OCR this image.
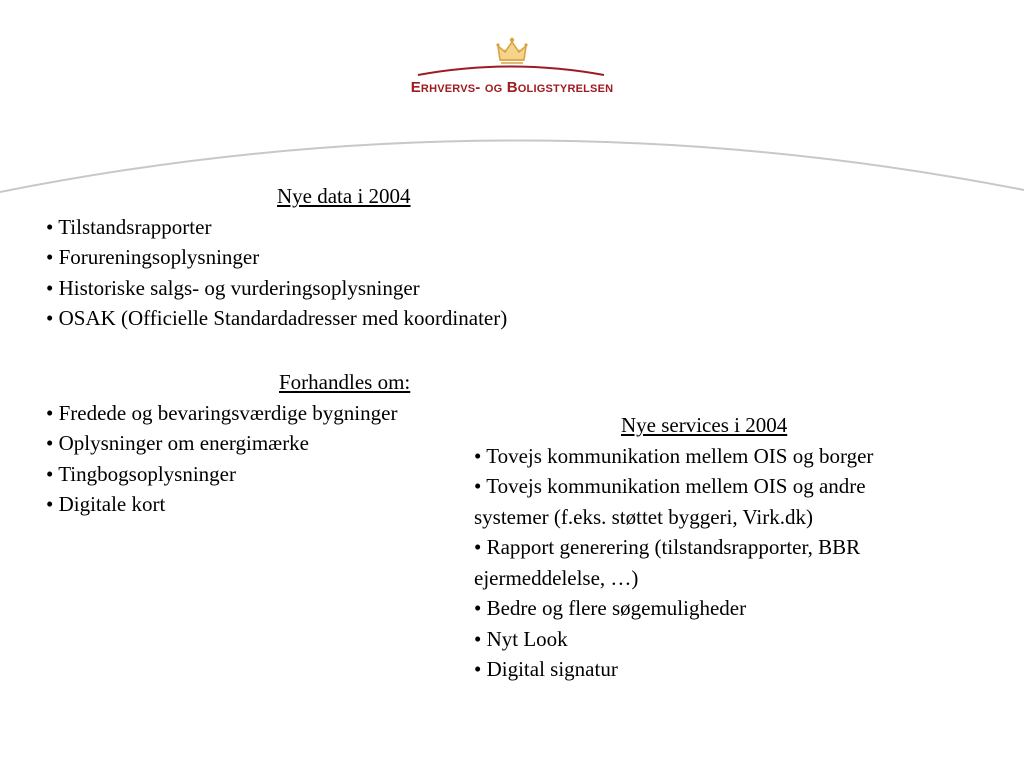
Erhvervs- og Boligstyrelsen
Nye data i 2004
• Tilstandsrapporter
• Forureningsoplysninger
• Historiske salgs- og vurderingsoplysninger
• OSAK (Officielle Standardadresser med koordinater)
Forhandles om:
• Fredede og bevaringsværdige bygninger
• Oplysninger om energimærke
• Tingbogsoplysninger
• Digitale kort
Nye services i 2004
• Tovejs kommunikation mellem OIS og borger
• Tovejs kommunikation mellem OIS og andre
systemer (f.eks. støttet byggeri, Virk.dk)
• Rapport generering (tilstandsrapporter, BBR
ejermeddelelse, …)
• Bedre og flere søgemuligheder
• Nyt Look
• Digital signatur
